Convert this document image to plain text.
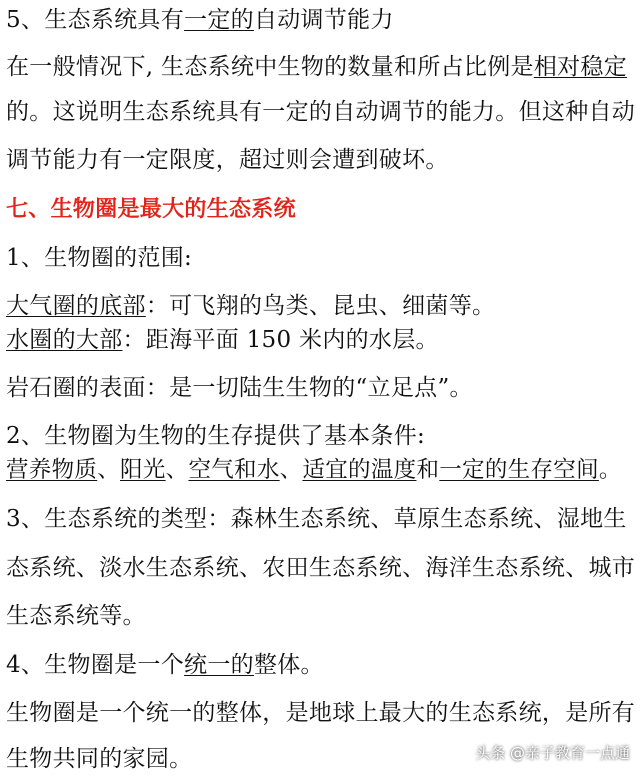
5、生态系统具有一定的自动调节能力
在一般情况下, 生态系统中生物的数量和所占比例是相对稳定
的。这说明生态系统具有一定的自动调节的能力。但这种自动
调节能力有一定限度，超过则会遭到破坏。
七、生物圈是最大的生态系统
1、生物圈的范围:
大气圈的底部：可飞翔的鸟类、昆虫、细菌等。
水圈的大部：距海平面 150 米内的水层。
岩石圈的表面：是一切陆生生物的“立足点”。
2、生物圈为生物的生存提供了基本条件:
营养物质、阳光、空气和水、适宜的温度和一定的生存空间。
3、生态系统的类型：森林生态系统、草原生态系统、湿地生
态系统、淡水生态系统、农田生态系统、海洋生态系统、城市
生态系统等。
4、生物圈是一个统一的整体。
生物圈是一个统一的整体，是地球上最大的生态系统，是所有
生物共同的家园。	头条 @亲子教育一点通
